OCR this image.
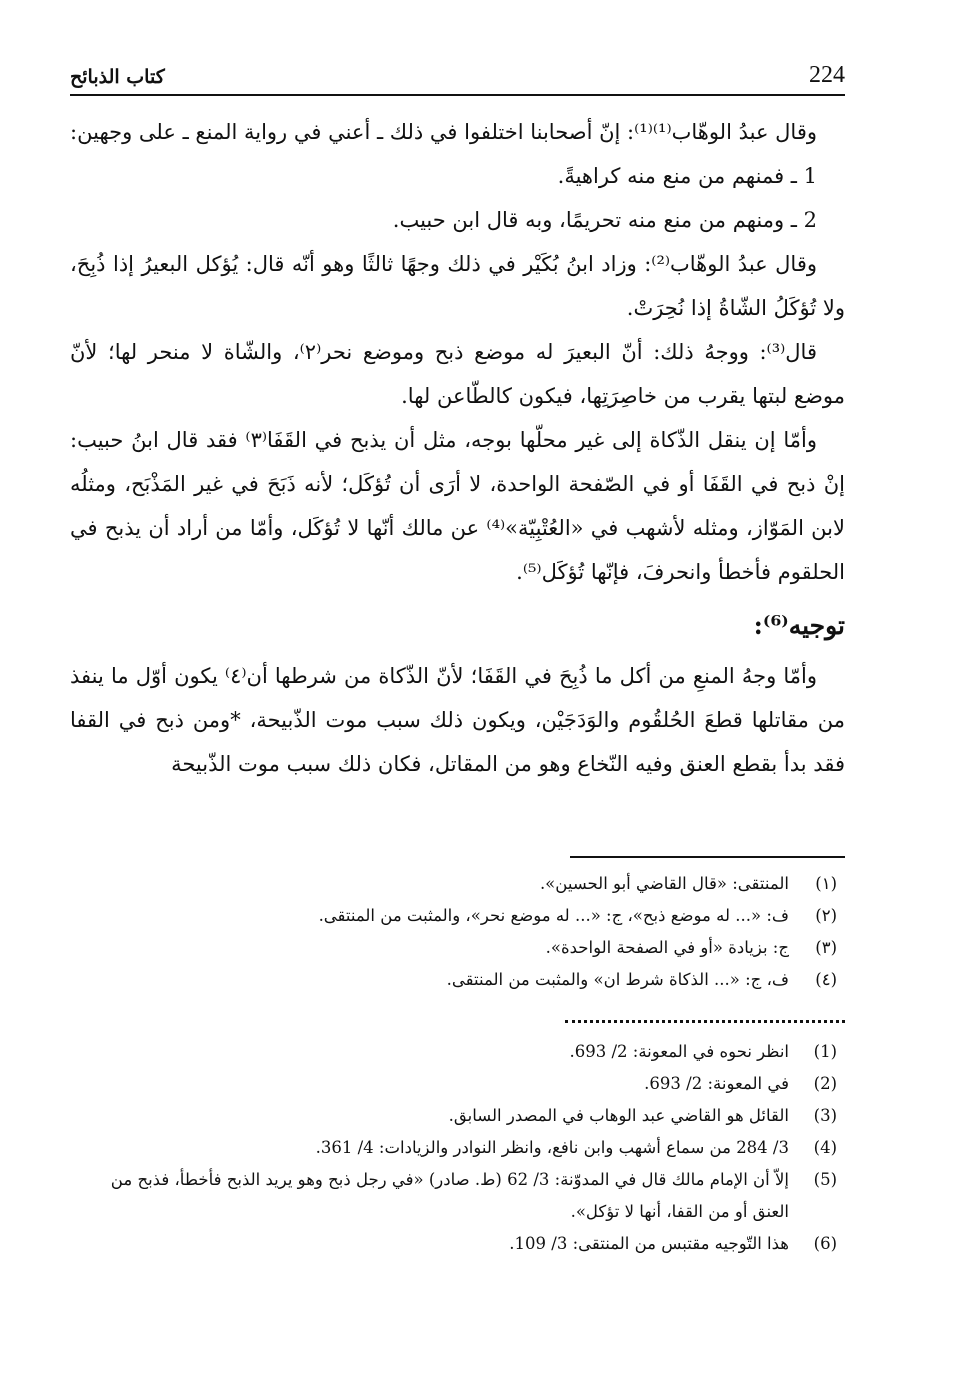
224
كتاب الذبائح

وقال عبدُ الوهّاب⁽¹⁾⁽¹⁾: إنّ أصحابنا اختلفوا في ذلك ـ أعني في رواية المنع ـ على وجهين:

1 ـ فمنهم من منع منه كراهيةً.

2 ـ ومنهم من منع منه تحريمًا، وبه قال ابن حبيب.

وقال عبدُ الوهّاب⁽²⁾: وزاد ابنُ بُكَيْر في ذلك وجهًا ثالثًا وهو أنّه قال: يُؤكل البعيرُ إذا ذُبِحَ، ولا تُؤكَلُ الشّاةُ إذا نُحِرَتْ.

قال⁽³⁾: ووجهُ ذلك: أنّ البعيرَ له موضع ذبح وموضع نحر⁽٢⁾، والشّاة لا منحر لها؛ لأنّ موضع لبتها يقرب من خاصِرَتِها، فيكون كالطّاعن لها.

وأمّا إن ينقل الذّكاة إلى غير محلّها بوجه، مثل أن يذبح في القَفَا⁽٣⁾ فقد قال ابنُ حبيب: إنْ ذبح في القَفَا أو في الصّفحة الواحدة، لا أرَى أن تُؤكَل؛ لأنه ذَبَحَ في غير المَذْبَح، ومثلُه لابن المَوّاز، ومثله لأشهب في «العُتْبِيّة»⁽⁴⁾ عن مالك أنّها لا تُؤكَل، وأمّا من أراد أن يذبح في الحلقوم فأخطأ وانحرفَ، فإنّها تُؤكَل⁽⁵⁾.

توجيه⁽⁶⁾:

وأمّا وجهُ المنعِ من أكل ما ذُبِحَ في القَفَا؛ لأنّ الذّكاة من شرطها أن⁽٤⁾ يكون أوّل ما ينفذ من مقاتلها قطعَ الحُلقُوم والوَدَجَيْن، ويكون ذلك سبب موت الذّبيحة، *ومن ذبح في القفا فقد بدأ بقطع العنق وفيه النّخاع وهو من المقاتل، فكان ذلك سبب موت الذّبيحة

(١)
المنتقى: «قال القاضي أبو الحسين».
(٢)
ف: «... له موضع ذبح»، ج: «... له موضع نحر»، والمثبت من المنتقى.
(٣)
ج: بزيادة «أو في الصفحة الواحدة».
(٤)
ف، ج: «... الذكاة شرط ان» والمثبت من المنتقى.
(1)
انظر نحوه في المعونة: 2/ 693.
(2)
في المعونة: 2/ 693.
(3)
القائل هو القاضي عبد الوهاب في المصدر السابق.
(4)
3/ 284 من سماع أشهب وابن نافع، وانظر النوادر والزيادات: 4/ 361.
(5)
إلاّ أن الإمام مالك قال في المدوّنة: 3/ 62 (ط. صادر) «في رجل ذبح وهو يريد الذبح فأخطأ، فذبح من العنق أو من القفا، أنها لا تؤكل».
(6)
هذا التّوجيه مقتبس من المنتقى: 3/ 109.
